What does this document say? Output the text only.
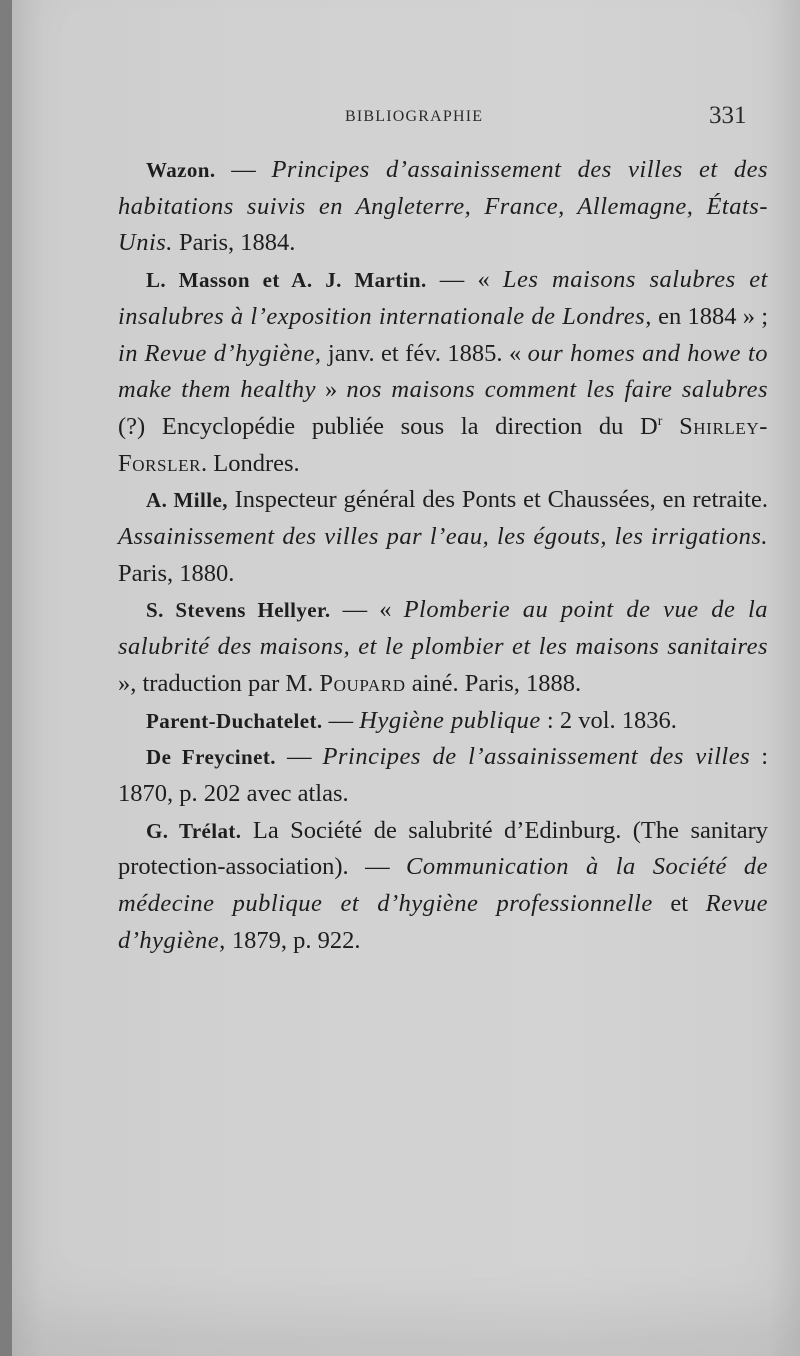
BIBLIOGRAPHIE	331

Wazon. — Principes d’assainissement des villes et des habitations suivis en Angleterre, France, Allemagne, États-Unis. Paris, 1884.

L. Masson et A. J. Martin. — « Les maisons salubres et insalubres à l’exposition internationale de Londres, en 1884 » ; in Revue d’hygiène, janv. et fév. 1885. « our homes and howe to make them healthy » nos maisons comment les faire salubres (?) Encyclopédie publiée sous la direction du $D^r$ Shirley-Forsler. Londres.

A. Mille, Inspecteur général des Ponts et Chaussées, en retraite. Assainissement des villes par l’eau, les égouts, les irrigations. Paris, 1880.

S. Stevens Hellyer. — « Plomberie au point de vue de la salubrité des maisons, et le plombier et les maisons sanitaires », traduction par M. Poupard ainé. Paris, 1888.

Parent-Duchatelet. — Hygiène publique : 2 vol. 1836.

De Freycinet. — Principes de l’assainissement des villes : 1870, p. 202 avec atlas.

G. Trélat. La Société de salubrité d’Edinburg. (The sanitary protection-association). — Communication à la Société de médecine publique et d’hygiène professionnelle et Revue d’hygiène, 1879, p. 922.
